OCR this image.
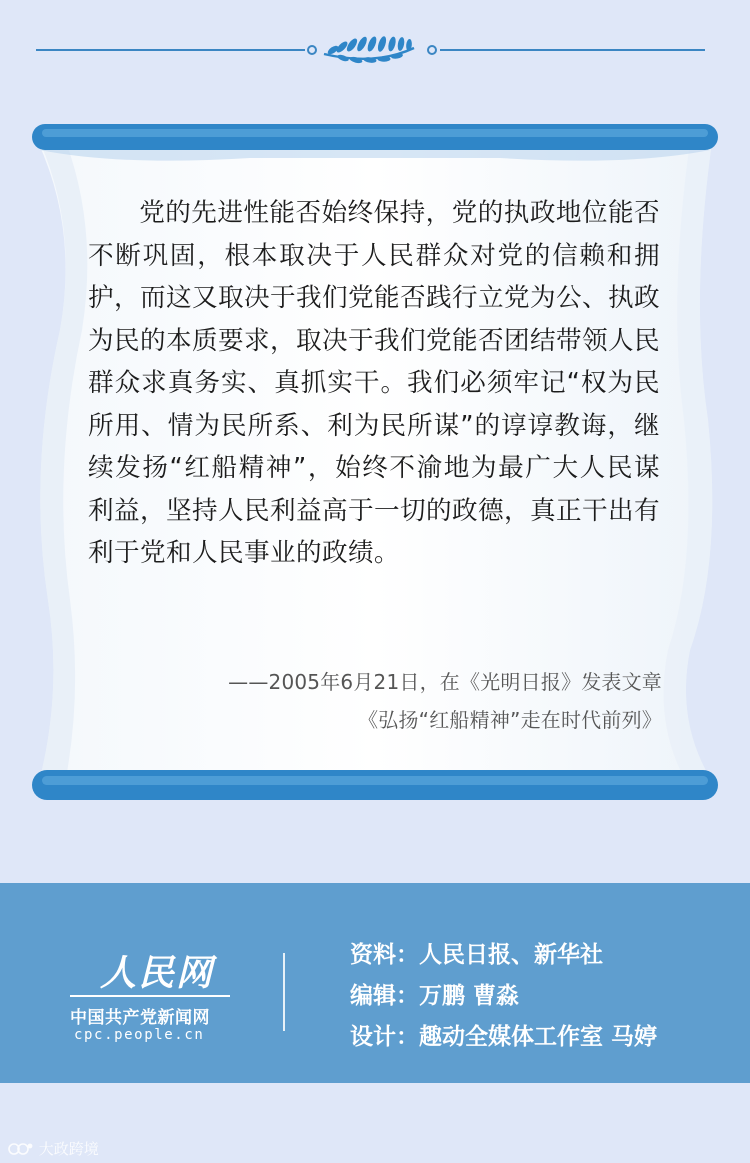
党的先进性能否始终保持，党的执政地位能否不断巩固，根本取决于人民群众对党的信赖和拥护，而这又取决于我们党能否践行立党为公、执政为民的本质要求，取决于我们党能否团结带领人民群众求真务实、真抓实干。我们必须牢记“权为民所用、情为民所系、利为民所谋”的谆谆教诲，继续发扬“红船精神”，始终不渝地为最广大人民谋利益，坚持人民利益高于一切的政德，真正干出有利于党和人民事业的政绩。
——2005年6月21日，在《光明日报》发表文章
《弘扬“红船精神”走在时代前列》
人民网
中国共产党新闻网
cpc.people.cn
资料：人民日报、新华社
编辑：万鹏 曹淼
设计：趣动全媒体工作室 马婷
大政跨境
